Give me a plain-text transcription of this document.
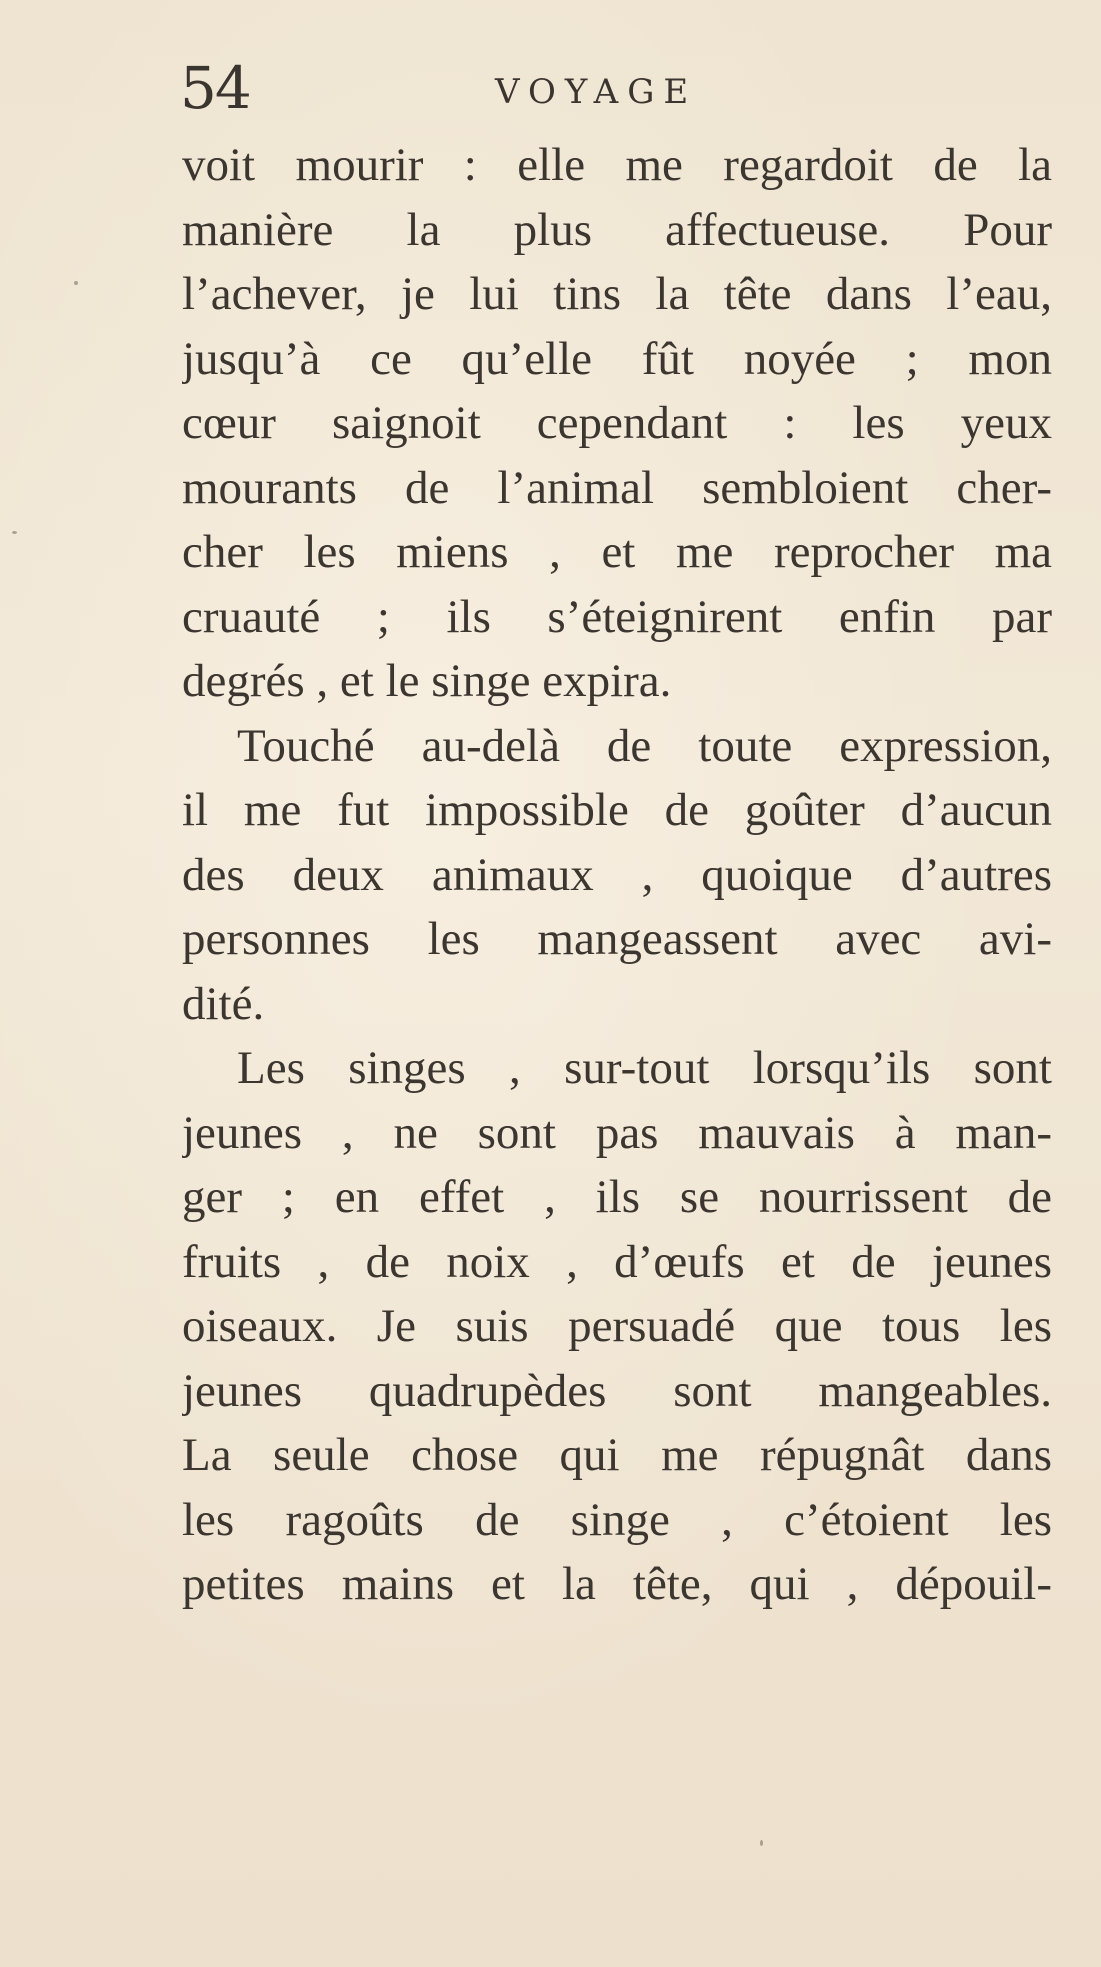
54	VOYAGE
voit mourir : elle me regardoit de la
manière la plus affectueuse. Pour
l’achever, je lui tins la tête dans l’eau,
jusqu’à ce qu’elle fût noyée ; mon
cœur saignoit cependant : les yeux
mourants de l’animal sembloient cher-
cher les miens , et me reprocher ma
cruauté ; ils s’éteignirent enfin par
degrés , et le singe expira.
Touché au-delà de toute expression,
il me fut impossible de goûter d’aucun
des deux animaux , quoique d’autres
personnes les mangeassent avec avi-
dité.
Les singes , sur-tout lorsqu’ils sont
jeunes , ne sont pas mauvais à man-
ger ; en effet , ils se nourrissent de
fruits , de noix , d’œufs et de jeunes
oiseaux. Je suis persuadé que tous les
jeunes quadrupèdes sont mangeables.
La seule chose qui me répugnât dans
les ragoûts de singe , c’étoient les
petites mains et la tête, qui , dépouil-
